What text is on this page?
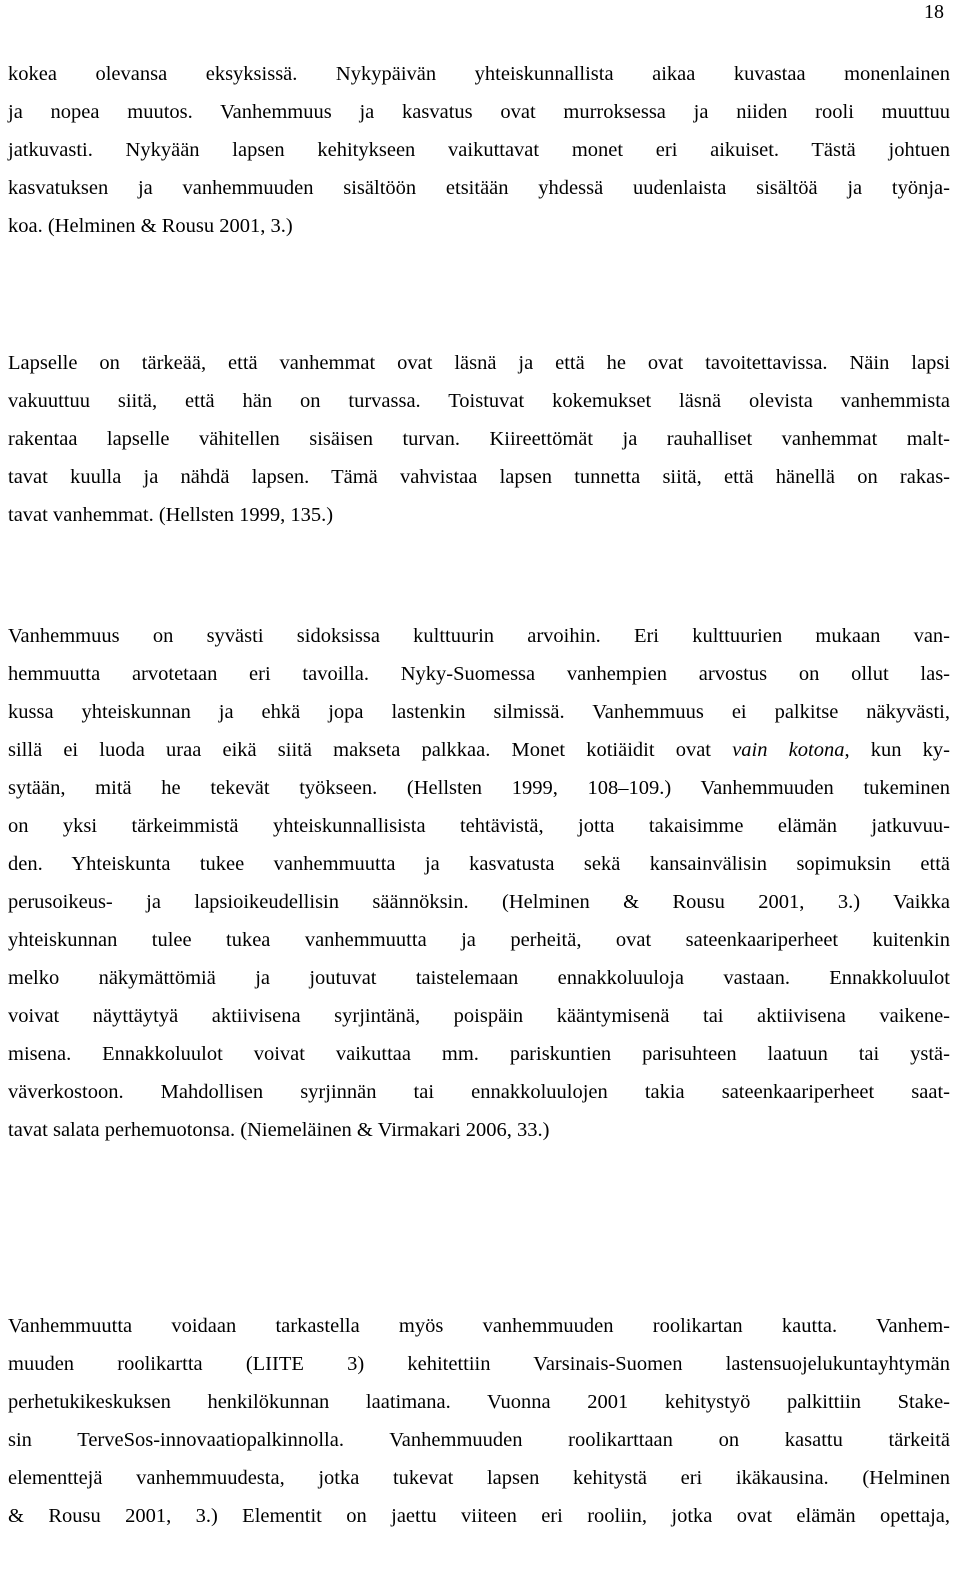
18
kokea olevansa eksyksissä. Nykypäivän yhteiskunnallista aikaa kuvastaa monenlainen
ja nopea muutos. Vanhemmuus ja kasvatus ovat murroksessa ja niiden rooli muuttuu
jatkuvasti. Nykyään lapsen kehitykseen vaikuttavat monet eri aikuiset. Tästä johtuen
kasvatuksen ja vanhemmuuden sisältöön etsitään yhdessä uudenlaista sisältöä ja työnja-
koa. (Helminen & Rousu 2001, 3.)
Lapselle on tärkeää, että vanhemmat ovat läsnä ja että he ovat tavoitettavissa. Näin lapsi
vakuuttuu siitä, että hän on turvassa. Toistuvat kokemukset läsnä olevista vanhemmista
rakentaa lapselle vähitellen sisäisen turvan. Kiireettömät ja rauhalliset vanhemmat malt-
tavat kuulla ja nähdä lapsen. Tämä vahvistaa lapsen tunnetta siitä, että hänellä on rakas-
tavat vanhemmat. (Hellsten 1999, 135.)
Vanhemmuus on syvästi sidoksissa kulttuurin arvoihin. Eri kulttuurien mukaan van-
hemmuutta arvotetaan eri tavoilla. Nyky-Suomessa vanhempien arvostus on ollut las-
kussa yhteiskunnan ja ehkä jopa lastenkin silmissä. Vanhemmuus ei palkitse näkyvästi,
sillä ei luoda uraa eikä siitä makseta palkkaa. Monet kotiäidit ovat vain kotona, kun ky-
sytään, mitä he tekevät työkseen. (Hellsten 1999, 108–109.) Vanhemmuuden tukeminen
on yksi tärkeimmistä yhteiskunnallisista tehtävistä, jotta takaisimme elämän jatkuvuu-
den. Yhteiskunta tukee vanhemmuutta ja kasvatusta sekä kansainvälisin sopimuksin että
perusoikeus- ja lapsioikeudellisin säännöksin. (Helminen & Rousu 2001, 3.) Vaikka
yhteiskunnan tulee tukea vanhemmuutta ja perheitä, ovat sateenkaariperheet kuitenkin
melko näkymättömiä ja joutuvat taistelemaan ennakkoluuloja vastaan. Ennakkoluulot
voivat näyttäytyä aktiivisena syrjintänä, poispäin kääntymisenä tai aktiivisena vaikene-
misena. Ennakkoluulot voivat vaikuttaa mm. pariskuntien parisuhteen laatuun tai ystä-
väverkostoon. Mahdollisen syrjinnän tai ennakkoluulojen takia sateenkaariperheet saat-
tavat salata perhemuotonsa. (Niemeläinen & Virmakari 2006, 33.)
Vanhemmuutta voidaan tarkastella myös vanhemmuuden roolikartan kautta. Vanhem-
muuden roolikartta (LIITE 3) kehitettiin Varsinais-Suomen lastensuojelukuntayhtymän
perhetukikeskuksen henkilökunnan laatimana. Vuonna 2001 kehitystyö palkittiin Stake-
sin TerveSos-innovaatiopalkinnolla. Vanhemmuuden roolikarttaan on kasattu tärkeitä
elementtejä vanhemmuudesta, jotka tukevat lapsen kehitystä eri ikäkausina. (Helminen
& Rousu 2001, 3.) Elementit on jaettu viiteen eri rooliin, jotka ovat elämän opettaja,
